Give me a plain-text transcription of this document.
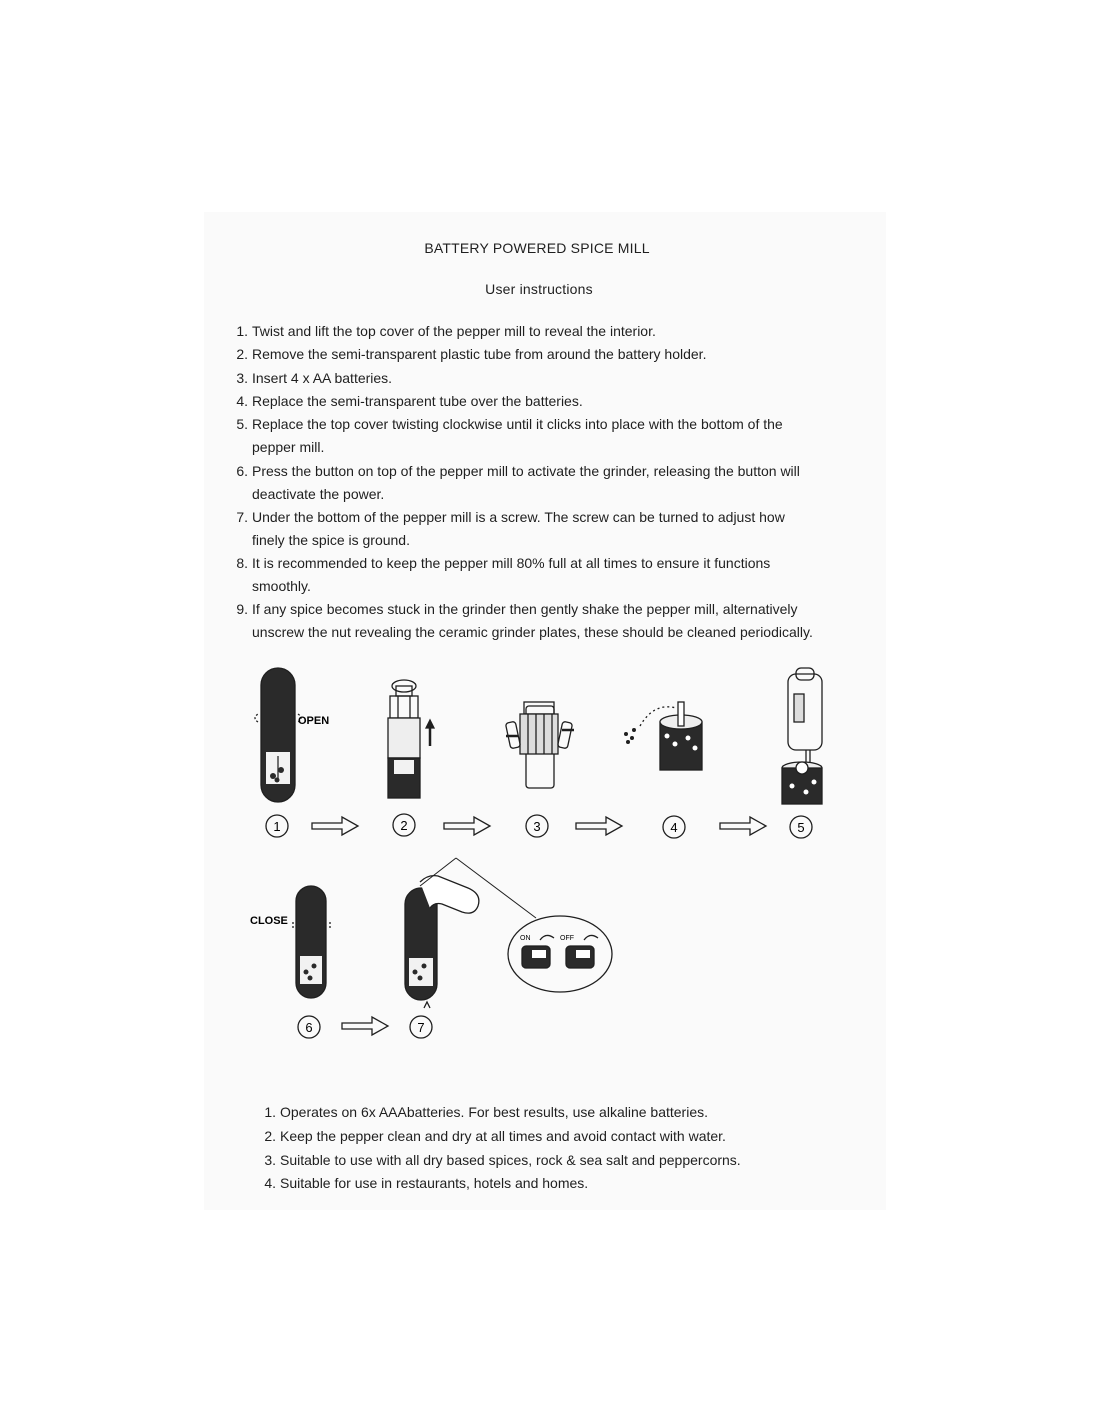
BATTERY POWERED SPICE MILL
User instructions
1. Twist and lift the top cover of the pepper mill to reveal the interior.
2. Remove the semi-transparent plastic tube from around the battery holder.
3. Insert 4 x AA batteries.
4. Replace the semi-transparent tube over the batteries.
5. Replace the top cover twisting clockwise until it clicks into place with the bottom of the
pepper mill.
6. Press the button on top of the pepper mill to activate the grinder, releasing the button will
deactivate the power.
7. Under the bottom of the pepper mill is a screw. The screw can be turned to adjust how
finely the spice is ground.
8. It is recommended to keep the pepper mill 80% full at all times to ensure it functions
smoothly.
9. If any spice becomes stuck in the grinder then gently shake the pepper mill, alternatively
unscrew the nut revealing the ceramic grinder plates, these should be cleaned periodically.
OPEN
CLOSE
ON	OFF
1	2	3	4	5
6	7
1. Operates on 6x AAAbatteries. For best results, use alkaline batteries.
2. Keep the pepper clean and dry at all times and avoid contact with water.
3. Suitable to use with all dry based spices, rock & sea salt and peppercorns.
4. Suitable for use in restaurants, hotels and homes.
